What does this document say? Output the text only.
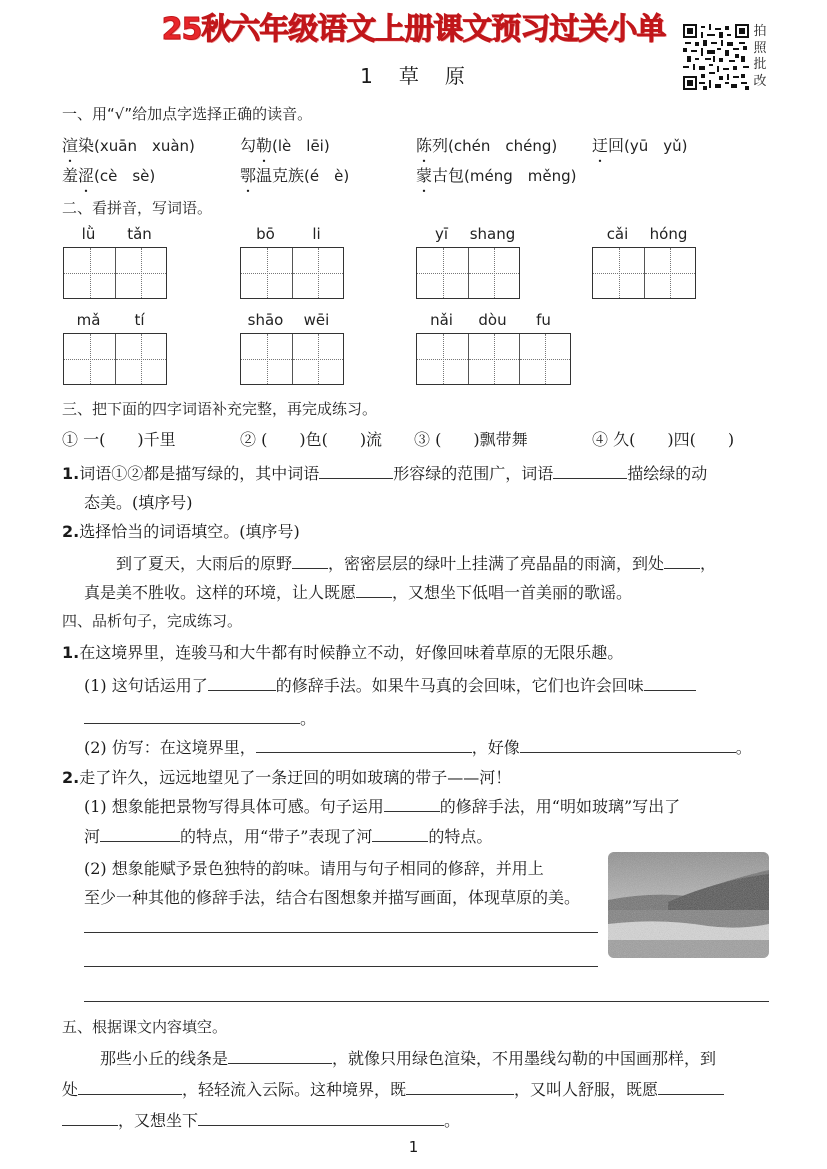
25秋六年级语文上册课文预习过关小单
1 草 原
拍照批改
一、用“√”给加点字选择正确的读音。
渲染(xuān　xuàn)	勾勒(lè　lēi)	陈列(chén　chéng) 迂回(yū　yǔ)
羞涩(cè　sè)	鄂温克族(é　è)	蒙古包(méng　měng)
二、看拼音，写词语。
lǜ	tǎn	bō	li	yī	shang	cǎi	hóng
mǎ	tí	shāo	wēi	nǎi	dòu	fu
三、把下面的四字词语补充完整，再完成练习。
① 一(　　)千里	② (　　)色(　　)流 ③ (　　)飘带舞	④ 久(　　)四(　　)
1.词语①②都是描写绿的，其中词语	形容绿的范围广，词语	描绘绿的动
态美。(填序号)
2.选择恰当的词语填空。(填序号)
到了夏天，大雨后的原野 ，密密层层的绿叶上挂满了亮晶晶的雨滴，到处 ，
真是美不胜收。这样的环境，让人既愿 ，又想坐下低唱一首美丽的歌谣。
四、品析句子，完成练习。
1.在这境界里，连骏马和大牛都有时候静立不动，好像回味着草原的无限乐趣。
(1) 这句话运用了	的修辞手法。如果牛马真的会回味，它们也许会回味
。
(2) 仿写：在这境界里，	，好像	。
2.走了许久，远远地望见了一条迂回的明如玻璃的带子——河！
(1) 想象能把景物写得具体可感。句子运用	的修辞手法，用“明如玻璃”写出了
河	的特点，用“带子”表现了河	的特点。
(2) 想象能赋予景色独特的韵味。请用与句子相同的修辞，并用上
至少一种其他的修辞手法，结合右图想象并描写画面，体现草原的美。
五、根据课文内容填空。
那些小丘的线条是	，就像只用绿色渲染，不用墨线勾勒的中国画那样，到
处	，轻轻流入云际。这种境界，既	，又叫人舒服，既愿
，又想坐下	。
1
